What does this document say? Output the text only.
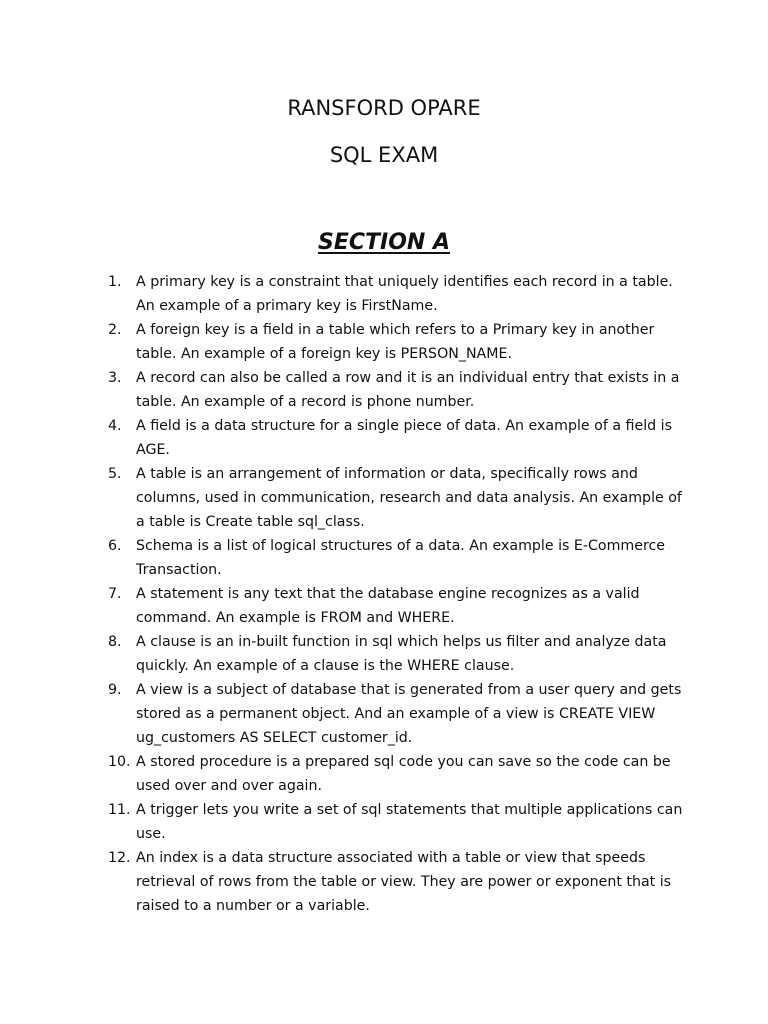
RANSFORD OPARE
SQL EXAM
SECTION A
1. A primary key is a constraint that uniquely identifies each record in a table. An example of a primary key is FirstName.
2. A foreign key is a field in a table which refers to a Primary key in another table. An example of a foreign key is PERSON_NAME.
3. A record can also be called a row and it is an individual entry that exists in a table. An example of a record is phone number.
4. A field is a data structure for a single piece of data. An example of a field is AGE.
5. A table is an arrangement of information or data, specifically rows and columns, used in communication, research and data analysis. An example of a table is Create table sql_class.
6. Schema is a list of logical structures of a data. An example is E-Commerce Transaction.
7. A statement is any text that the database engine recognizes as a valid command. An example is FROM and WHERE.
8. A clause is an in-built function in sql which helps us filter and analyze data quickly. An example of a clause is the WHERE clause.
9. A view is a subject of database that is generated from a user query and gets stored as a permanent object. And an example of a view is CREATE VIEW ug_customers AS SELECT customer_id.
10. A stored procedure is a prepared sql code you can save so the code can be used over and over again.
11. A trigger lets you write a set of sql statements that multiple applications can use.
12. An index is a data structure associated with a table or view that speeds retrieval of rows from the table or view. They are power or exponent that is raised to a number or a variable.
